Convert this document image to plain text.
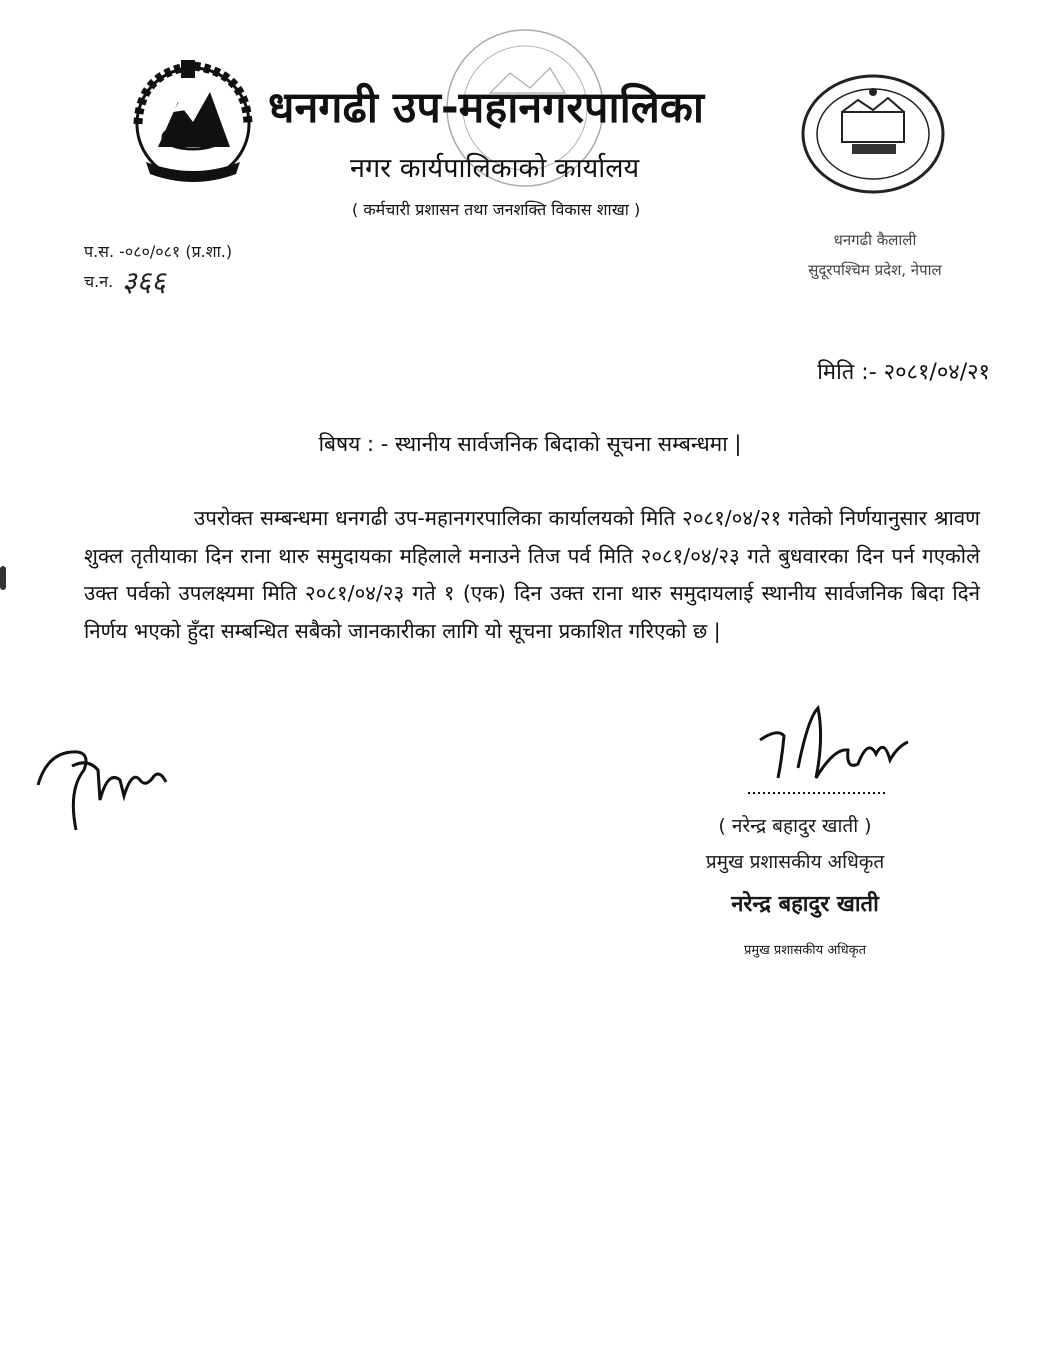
धनगढी उप-महानगरपालिका
नगर कार्यपालिकाको कार्यालय
( कर्मचारी प्रशासन तथा जनशक्ति विकास शाखा )
प.स. -०८०/०८१ (प्र.शा.)
च.न. ३६६
धनगढी कैलाली
सुदूरपश्चिम प्रदेश, नेपाल
मिति :- २०८१/०४/२१
बिषय : - स्थानीय सार्वजनिक बिदाको सूचना सम्बन्धमा |
उपरोक्त सम्बन्धमा धनगढी उप-महानगरपालिका कार्यालयको मिति २०८१/०४/२१ गतेको निर्णयानुसार श्रावण शुक्ल तृतीयाका दिन राना थारु समुदायका महिलाले मनाउने तिज पर्व मिति २०८१/०४/२३ गते बुधवारका दिन पर्न गएकोले उक्त पर्वको उपलक्ष्यमा मिति २०८१/०४/२३ गते १ (एक) दिन उक्त राना थारु समुदायलाई स्थानीय सार्वजनिक बिदा दिने निर्णय भएको हुँदा सम्बन्धित सबैको जानकारीका लागि यो सूचना प्रकाशित गरिएको छ |
( नरेन्द्र बहादुर खाती )
प्रमुख प्रशासकीय अधिकृत
नरेन्द्र बहादुर खाती
प्रमुख प्रशासकीय अधिकृत
